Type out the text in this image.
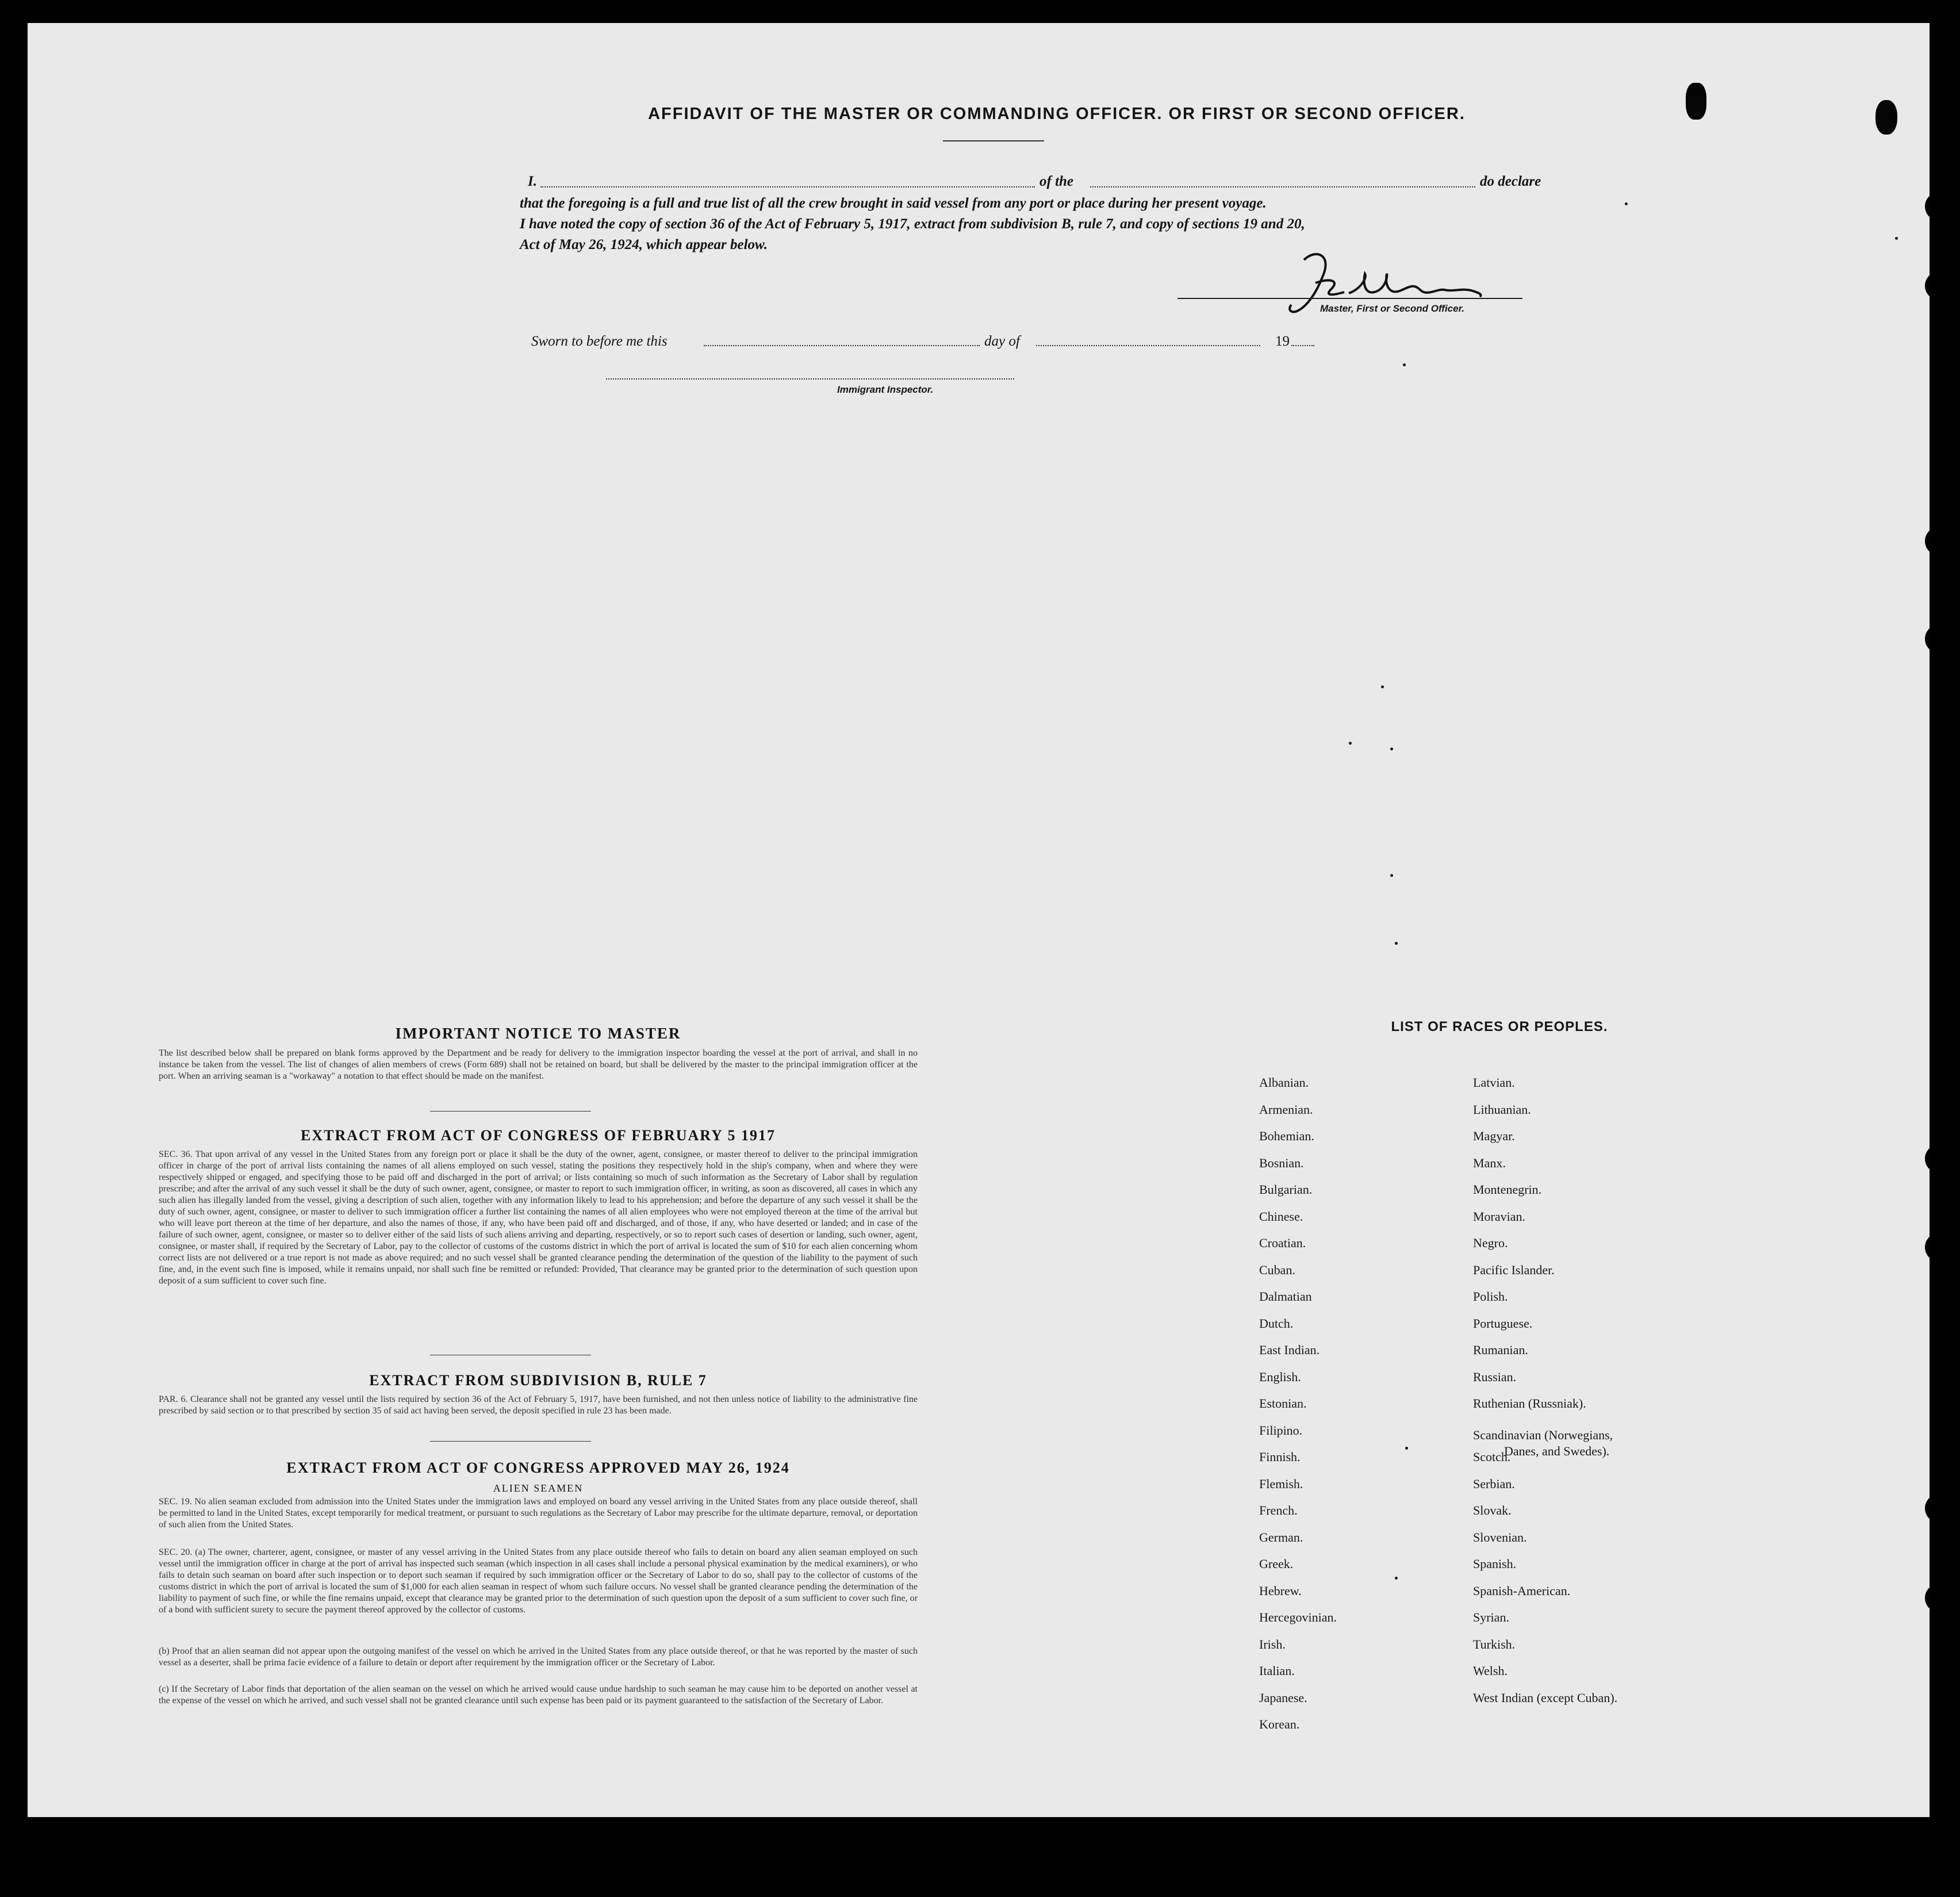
AFFIDAVIT OF THE MASTER OR COMMANDING OFFICER. OR FIRST OR SECOND OFFICER.
I.	of the	do declare
that the foregoing is a full and true list of all the crew brought in said vessel from any port or place during her present voyage.
I have noted the copy of section 36 of the Act of February 5, 1917, extract from subdivision B, rule 7, and copy of sections 19 and 20,
Act of May 26, 1924, which appear below.
Master, First or Second Officer.
Sworn to before me this	day of	19
Immigrant Inspector.
IMPORTANT NOTICE TO MASTER
The list described below shall be prepared on blank forms approved by the Department and be ready for delivery to the immigration inspector boarding the vessel at the port of arrival, and shall in no instance be taken from the vessel. The list of changes of alien members of crews (Form 689) shall not be retained on board, but shall be delivered by the master to the principal immigration officer at the port. When an arriving seaman is a "workaway" a notation to that effect should be made on the manifest.
EXTRACT FROM ACT OF CONGRESS OF FEBRUARY 5 1917
SEC. 36. That upon arrival of any vessel in the United States from any foreign port or place it shall be the duty of the owner, agent, consignee, or master thereof to deliver to the principal immigration officer in charge of the port of arrival lists containing the names of all aliens employed on such vessel, stating the positions they respectively hold in the ship's company, when and where they were respectively shipped or engaged, and specifying those to be paid off and discharged in the port of arrival; or lists containing so much of such information as the Secretary of Labor shall by regulation prescribe; and after the arrival of any such vessel it shall be the duty of such owner, agent, consignee, or master to report to such immigration officer, in writing, as soon as discovered, all cases in which any such alien has illegally landed from the vessel, giving a description of such alien, together with any information likely to lead to his apprehension; and before the departure of any such vessel it shall be the duty of such owner, agent, consignee, or master to deliver to such immigration officer a further list containing the names of all alien employees who were not employed thereon at the time of the arrival but who will leave port thereon at the time of her departure, and also the names of those, if any, who have been paid off and discharged, and of those, if any, who have deserted or landed; and in case of the failure of such owner, agent, consignee, or master so to deliver either of the said lists of such aliens arriving and departing, respectively, or so to report such cases of desertion or landing, such owner, agent, consignee, or master shall, if required by the Secretary of Labor, pay to the collector of customs of the customs district in which the port of arrival is located the sum of $10 for each alien concerning whom correct lists are not delivered or a true report is not made as above required; and no such vessel shall be granted clearance pending the determination of the question of the liability to the payment of such fine, and, in the event such fine is imposed, while it remains unpaid, nor shall such fine be remitted or refunded: Provided, That clearance may be granted prior to the determination of such question upon deposit of a sum sufficient to cover such fine.
EXTRACT FROM SUBDIVISION B, RULE 7
PAR. 6. Clearance shall not be granted any vessel until the lists required by section 36 of the Act of February 5, 1917, have been furnished, and not then unless notice of liability to the administrative fine prescribed by said section or to that prescribed by section 35 of said act having been served, the deposit specified in rule 23 has been made.
EXTRACT FROM ACT OF CONGRESS APPROVED MAY 26, 1924
ALIEN SEAMEN
SEC. 19. No alien seaman excluded from admission into the United States under the immigration laws and employed on board any vessel arriving in the United States from any place outside thereof, shall be permitted to land in the United States, except temporarily for medical treatment, or pursuant to such regulations as the Secretary of Labor may prescribe for the ultimate departure, removal, or deportation of such alien from the United States.
SEC. 20. (a) The owner, charterer, agent, consignee, or master of any vessel arriving in the United States from any place outside thereof who fails to detain on board any alien seaman employed on such vessel until the immigration officer in charge at the port of arrival has inspected such seaman (which inspection in all cases shall include a personal physical examination by the medical examiners), or who fails to detain such seaman on board after such inspection or to deport such seaman if required by such immigration officer or the Secretary of Labor to do so, shall pay to the collector of customs of the customs district in which the port of arrival is located the sum of $1,000 for each alien seaman in respect of whom such failure occurs. No vessel shall be granted clearance pending the determination of the liability to payment of such fine, or while the fine remains unpaid, except that clearance may be granted prior to the determination of such question upon the deposit of a sum sufficient to cover such fine, or of a bond with sufficient surety to secure the payment thereof approved by the collector of customs.
(b) Proof that an alien seaman did not appear upon the outgoing manifest of the vessel on which he arrived in the United States from any place outside thereof, or that he was reported by the master of such vessel as a deserter, shall be prima facie evidence of a failure to detain or deport after requirement by the immigration officer or the Secretary of Labor.
(c) If the Secretary of Labor finds that deportation of the alien seaman on the vessel on which he arrived would cause undue hardship to such seaman he may cause him to be deported on another vessel at the expense of the vessel on which he arrived, and such vessel shall not be granted clearance until such expense has been paid or its payment guaranteed to the satisfaction of the Secretary of Labor.
LIST OF RACES OR PEOPLES.
Albanian.
Armenian.
Bohemian.
Bosnian.
Bulgarian.
Chinese.
Croatian.
Cuban.
Dalmatian
Dutch.
East Indian.
English.
Estonian.
Filipino.
Finnish.
Flemish.
French.
German.
Greek.
Hebrew.
Hercegovinian.
Irish.
Italian.
Japanese.
Korean.
Latvian.
Lithuanian.
Magyar.
Manx.
Montenegrin.
Moravian.
Negro.
Pacific Islander.
Polish.
Portuguese.
Rumanian.
Russian.
Ruthenian (Russniak).
Scandinavian (Norwegians,
Danes, and Swedes).
Scotch.
Serbian.
Slovak.
Slovenian.
Spanish.
Spanish-American.
Syrian.
Turkish.
Welsh.
West Indian (except Cuban).
